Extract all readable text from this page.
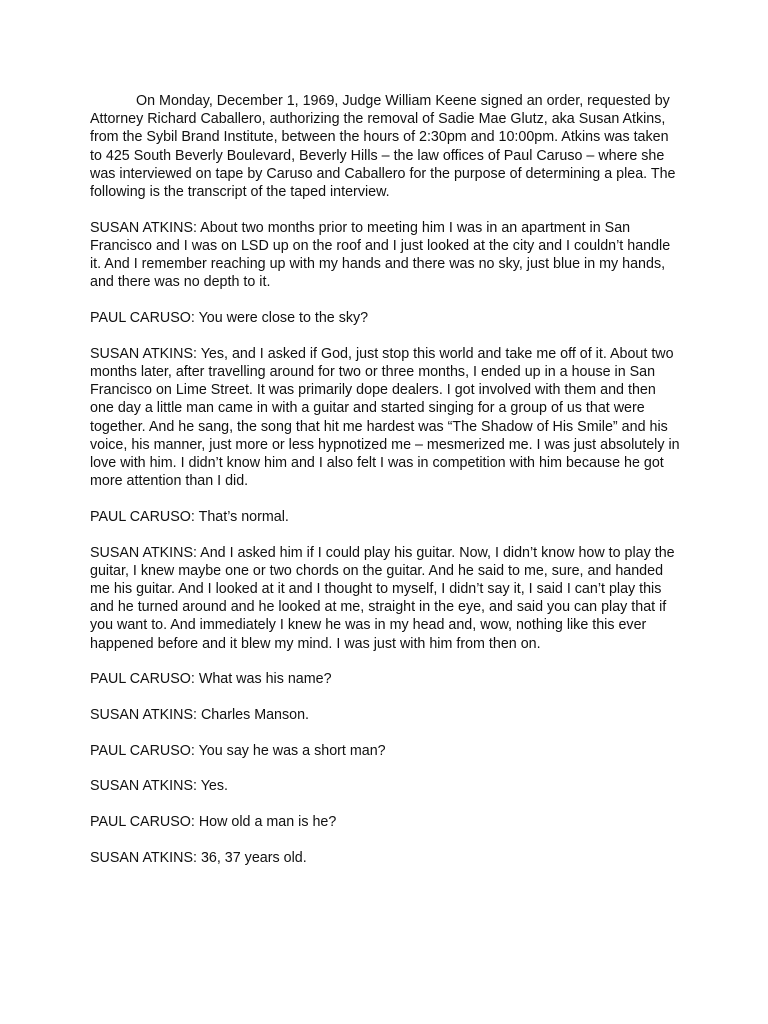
On Monday, December 1, 1969, Judge William Keene signed an order, requested by Attorney Richard Caballero, authorizing the removal of Sadie Mae Glutz, aka Susan Atkins, from the Sybil Brand Institute, between the hours of 2:30pm and 10:00pm. Atkins was taken to 425 South Beverly Boulevard, Beverly Hills – the law offices of Paul Caruso – where she was interviewed on tape by Caruso and Caballero for the purpose of determining a plea. The following is the transcript of the taped interview.

SUSAN ATKINS: About two months prior to meeting him I was in an apartment in San Francisco and I was on LSD up on the roof and I just looked at the city and I couldn’t handle it. And I remember reaching up with my hands and there was no sky, just blue in my hands, and there was no depth to it.

PAUL CARUSO: You were close to the sky?

SUSAN ATKINS: Yes, and I asked if God, just stop this world and take me off of it. About two months later, after travelling around for two or three months, I ended up in a house in San Francisco on Lime Street. It was primarily dope dealers. I got involved with them and then one day a little man came in with a guitar and started singing for a group of us that were together. And he sang, the song that hit me hardest was “The Shadow of His Smile” and his voice, his manner, just more or less hypnotized me – mesmerized me. I was just absolutely in love with him. I didn’t know him and I also felt I was in competition with him because he got more attention than I did.

PAUL CARUSO: That’s normal.

SUSAN ATKINS: And I asked him if I could play his guitar. Now, I didn’t know how to play the guitar, I knew maybe one or two chords on the guitar. And he said to me, sure, and handed me his guitar. And I looked at it and I thought to myself, I didn’t say it, I said I can’t play this and he turned around and he looked at me, straight in the eye, and said you can play that if you want to. And immediately I knew he was in my head and, wow, nothing like this ever happened before and it blew my mind. I was just with him from then on.

PAUL CARUSO: What was his name?

SUSAN ATKINS: Charles Manson.

PAUL CARUSO: You say he was a short man?

SUSAN ATKINS: Yes.

PAUL CARUSO: How old a man is he?

SUSAN ATKINS: 36, 37 years old.
